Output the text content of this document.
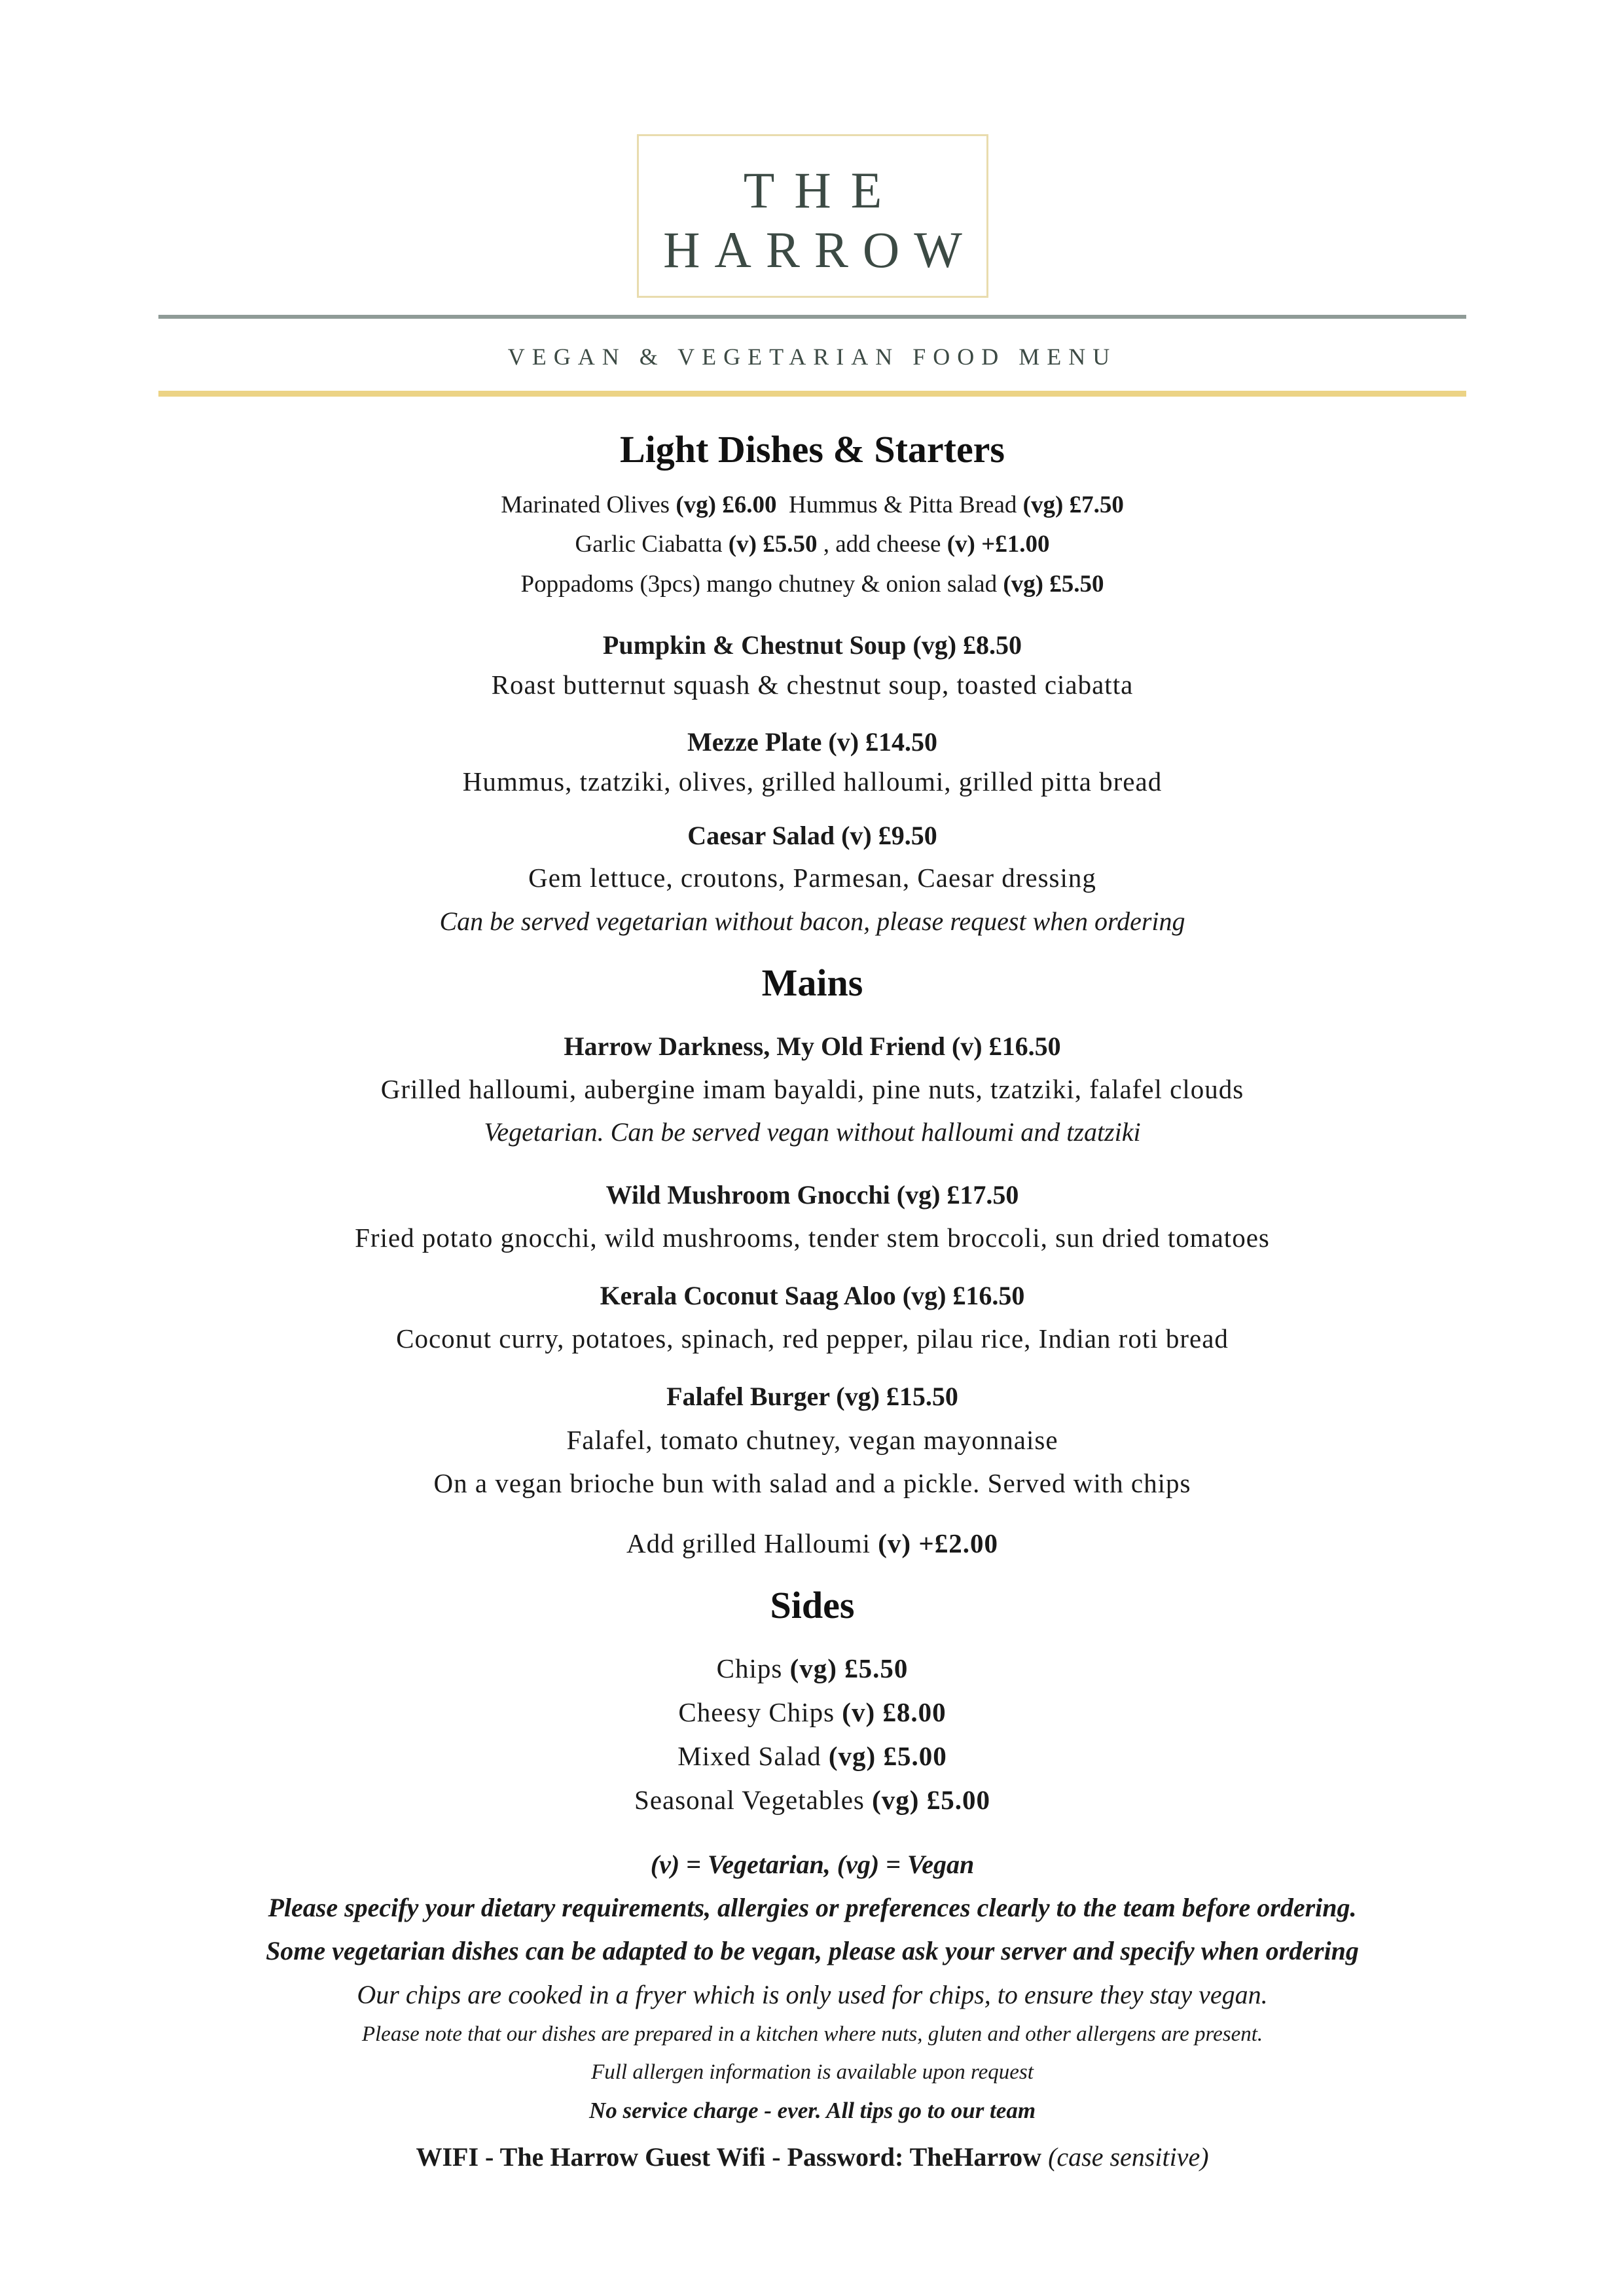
THE
HARROW
VEGAN & VEGETARIAN FOOD MENU
Light Dishes & Starters
Marinated Olives (vg) £6.00 Hummus & Pitta Bread (vg) £7.50
Garlic Ciabatta (v) £5.50 , add cheese (v) +£1.00
Poppadoms (3pcs) mango chutney & onion salad (vg) £5.50
Pumpkin & Chestnut Soup (vg) £8.50
Roast butternut squash & chestnut soup, toasted ciabatta
Mezze Plate (v) £14.50
Hummus, tzatziki, olives, grilled halloumi, grilled pitta bread
Caesar Salad (v) £9.50
Gem lettuce, croutons, Parmesan, Caesar dressing
Can be served vegetarian without bacon, please request when ordering
Mains
Harrow Darkness, My Old Friend (v) £16.50
Grilled halloumi, aubergine imam bayaldi, pine nuts, tzatziki, falafel clouds
Vegetarian. Can be served vegan without halloumi and tzatziki
Wild Mushroom Gnocchi (vg) £17.50
Fried potato gnocchi, wild mushrooms, tender stem broccoli, sun dried tomatoes
Kerala Coconut Saag Aloo (vg) £16.50
Coconut curry, potatoes, spinach, red pepper, pilau rice, Indian roti bread
Falafel Burger (vg) £15.50
Falafel, tomato chutney, vegan mayonnaise
On a vegan brioche bun with salad and a pickle. Served with chips
Add grilled Halloumi (v) +£2.00
Sides
Chips (vg) £5.50
Cheesy Chips (v) £8.00
Mixed Salad (vg) £5.00
Seasonal Vegetables (vg) £5.00
(v) = Vegetarian, (vg) = Vegan
Please specify your dietary requirements, allergies or preferences clearly to the team before ordering.
Some vegetarian dishes can be adapted to be vegan, please ask your server and specify when ordering
Our chips are cooked in a fryer which is only used for chips, to ensure they stay vegan.
Please note that our dishes are prepared in a kitchen where nuts, gluten and other allergens are present.
Full allergen information is available upon request
No service charge - ever. All tips go to our team
WIFI - The Harrow Guest Wifi - Password: TheHarrow (case sensitive)
